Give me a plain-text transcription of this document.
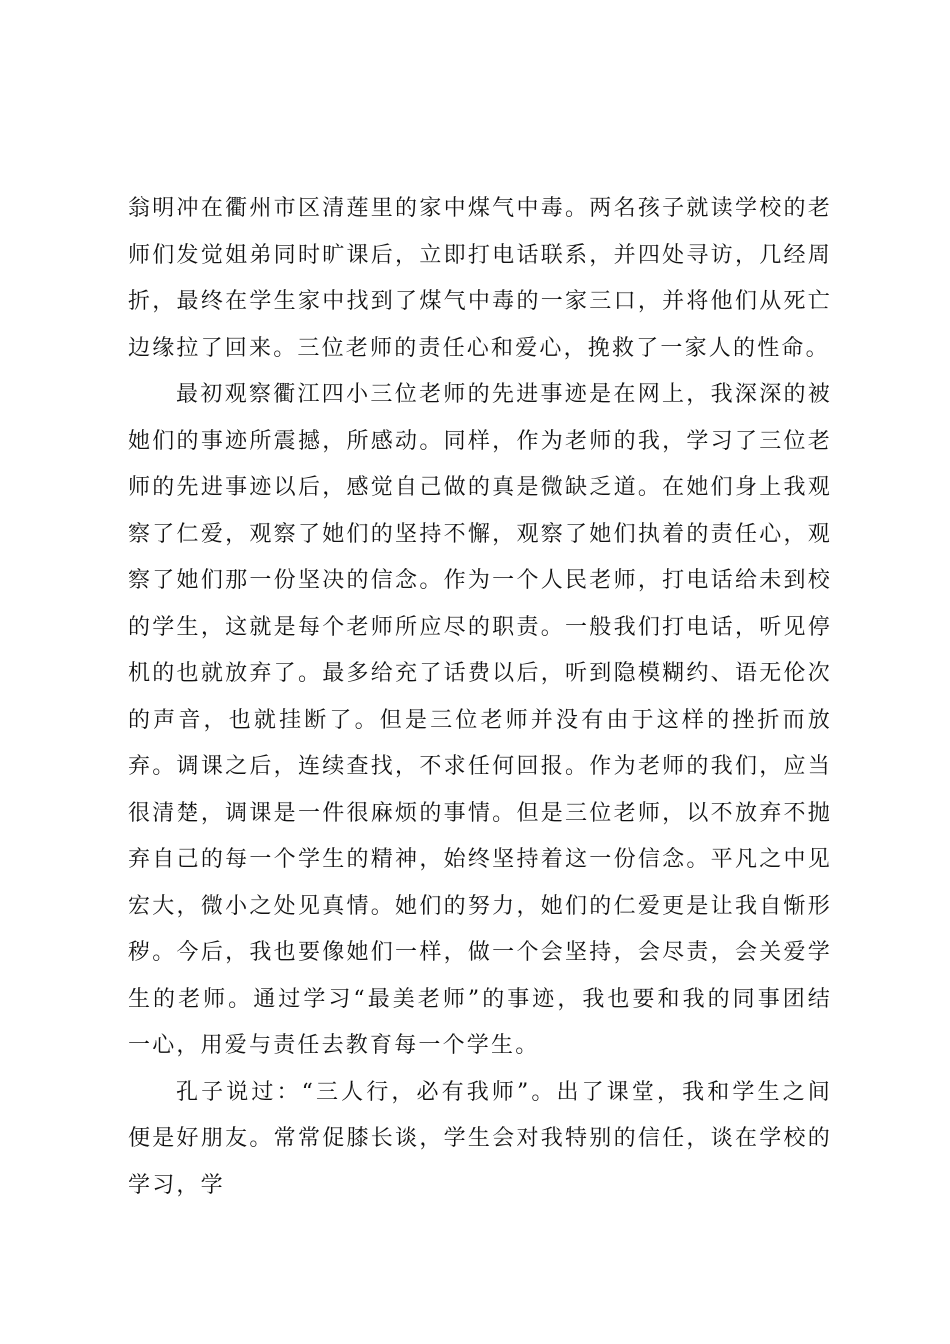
翁明冲在衢州市区清莲里的家中煤气中毒。两名孩子就读学校的老师们发觉姐弟同时旷课后，立即打电话联系，并四处寻访，几经周折，最终在学生家中找到了煤气中毒的一家三口，并将他们从死亡边缘拉了回来。三位老师的责任心和爱心，挽救了一家人的性命。

最初观察衢江四小三位老师的先进事迹是在网上，我深深的被她们的事迹所震撼，所感动。同样，作为老师的我，学习了三位老师的先进事迹以后，感觉自己做的真是微缺乏道。在她们身上我观察了仁爱，观察了她们的坚持不懈，观察了她们执着的责任心，观察了她们那一份坚决的信念。作为一个人民老师，打电话给未到校的学生，这就是每个老师所应尽的职责。一般我们打电话，听见停机的也就放弃了。最多给充了话费以后，听到隐模糊约、语无伦次的声音，也就挂断了。但是三位老师并没有由于这样的挫折而放弃。调课之后，连续查找，不求任何回报。作为老师的我们，应当很清楚，调课是一件很麻烦的事情。但是三位老师，以不放弃不抛弃自己的每一个学生的精神，始终坚持着这一份信念。平凡之中见宏大，微小之处见真情。她们的努力，她们的仁爱更是让我自惭形秽。今后，我也要像她们一样，做一个会坚持，会尽责，会关爱学生的老师。通过学习“最美老师”的事迹，我也要和我的同事团结一心，用爱与责任去教育每一个学生。

孔子说过：“三人行，必有我师”。出了课堂，我和学生之间便是好朋友。常常促膝长谈，学生会对我特别的信任，谈在学校的学习，学
